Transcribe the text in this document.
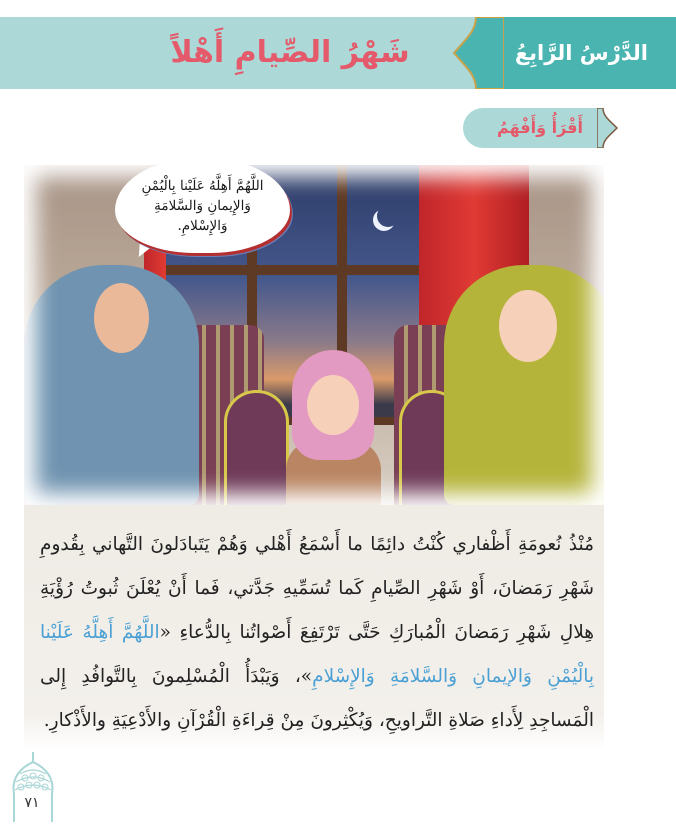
شَهْرُ الصِّيامِ أَهْلاً	الدَّرْسُ الرَّابِعُ
أَقْرَأُ وَأَفْهَمُ
اللَّهُمَّ أَهِلَّهُ عَلَيْنا بِالْيُمْنِ وَالإِيمانِ وَالسَّلامَةِ وَالإِسْلامِ.

مُنْذُ نُعومَةِ أَظْفاري كُنْتُ دائِمًا ما أَسْمَعُ أَهْلي وَهُمْ يَتَبادَلونَ التَّهاني بِقُدومِ شَهْرِ رَمَضانَ، أَوْ شَهْرِ الصِّيامِ كَما تُسَمِّيهِ جَدَّتي، فَما أَنْ يُعْلَنَ ثُبوتُ رُؤْيَةِ هِلالِ شَهْرِ رَمَضانَ الْمُبارَكِ حَتَّى تَرْتَفِعَ أَصْواتُنا بِالدُّعاءِ «اللَّهُمَّ أَهِلَّهُ عَلَيْنا بِالْيُمْنِ وَالإيمانِ وَالسَّلامَةِ وَالإِسْلامِ»، وَيَبْدَأُ الْمُسْلِمونَ بِالتَّوافُدِ إِلى الْمَساجِدِ لِأَداءِ صَلاةِ التَّراويحِ، وَيُكْثِرونَ مِنْ قِراءَةِ الْقُرْآنِ والأَدْعِيَةِ والأَذْكارِ.

٧١
